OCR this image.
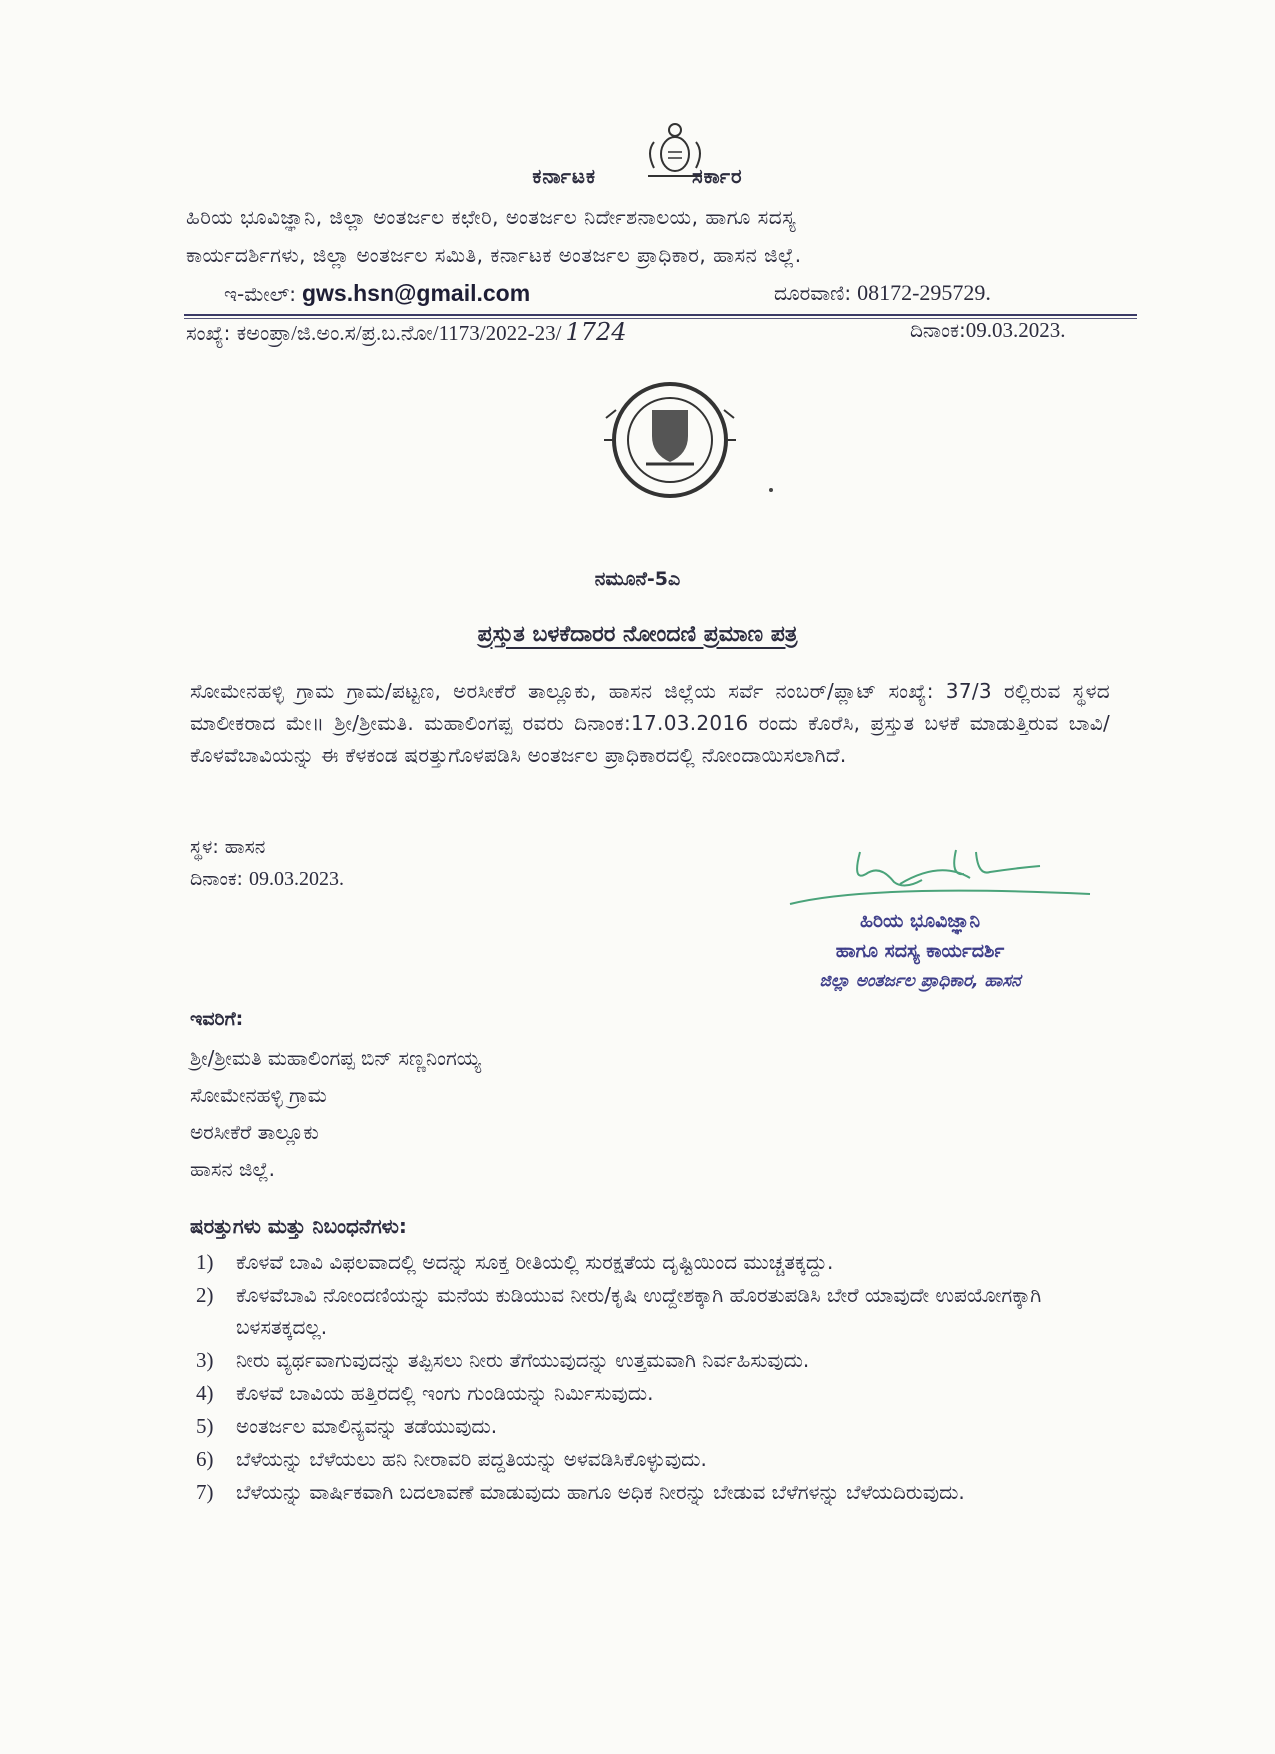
ಕರ್ನಾಟಕ	ಸರ್ಕಾರ
ಹಿರಿಯ ಭೂವಿಜ್ಞಾನಿ, ಜಿಲ್ಲಾ ಅಂತರ್ಜಲ ಕಛೇರಿ, ಅಂತರ್ಜಲ ನಿರ್ದೇಶನಾಲಯ, ಹಾಗೂ ಸದಸ್ಯ
ಕಾರ್ಯದರ್ಶಿಗಳು, ಜಿಲ್ಲಾ ಅಂತರ್ಜಲ ಸಮಿತಿ, ಕರ್ನಾಟಕ ಅಂತರ್ಜಲ ಪ್ರಾಧಿಕಾರ, ಹಾಸನ ಜಿಲ್ಲೆ.
ಇ-ಮೇಲ್: gws.hsn@gmail.com	ದೂರವಾಣಿ: 08172-295729.
ಸಂಖ್ಯೆ: ಕಅಂಪ್ರಾ/ಜಿ.ಅಂ.ಸ/ಪ್ರ.ಬ.ನೋ/1173/2022-23/ 1724	ದಿನಾಂಕ:09.03.2023.
ನಮೂನೆ-5ಎ
ಪ್ರಸ್ತುತ ಬಳಕೆದಾರರ ನೋಂದಣಿ ಪ್ರಮಾಣ ಪತ್ರ
ಸೋಮೇನಹಳ್ಳಿ ಗ್ರಾಮ ಗ್ರಾಮ/ಪಟ್ಟಣ, ಅರಸೀಕೆರೆ ತಾಲ್ಲೂಕು, ಹಾಸನ ಜಿಲ್ಲೆಯ ಸರ್ವೆ ನಂಬರ್/ಪ್ಲಾಟ್ ಸಂಖ್ಯೆ: 37/3 ರಲ್ಲಿರುವ ಸ್ಥಳದ ಮಾಲೀಕರಾದ ಮೇ॥ ಶ್ರೀ/ಶ್ರೀಮತಿ. ಮಹಾಲಿಂಗಪ್ಪ ರವರು ದಿನಾಂಕ:17.03.2016 ರಂದು ಕೊರೆಸಿ, ಪ್ರಸ್ತುತ ಬಳಕೆ ಮಾಡುತ್ತಿರುವ ಬಾವಿ/ಕೊಳವೆಬಾವಿಯನ್ನು ಈ ಕೆಳಕಂಡ ಷರತ್ತುಗೊಳಪಡಿಸಿ ಅಂತರ್ಜಲ ಪ್ರಾಧಿಕಾರದಲ್ಲಿ ನೋಂದಾಯಿಸಲಾಗಿದೆ.
ಸ್ಥಳ: ಹಾಸನ
ದಿನಾಂಕ: 09.03.2023.
ಹಿರಿಯ ಭೂವಿಜ್ಞಾನಿ
ಹಾಗೂ ಸದಸ್ಯ ಕಾರ್ಯದರ್ಶಿ
ಜಿಲ್ಲಾ ಅಂತರ್ಜಲ ಪ್ರಾಧಿಕಾರ, ಹಾಸನ
ಇವರಿಗೆ:
ಶ್ರೀ/ಶ್ರೀಮತಿ ಮಹಾಲಿಂಗಪ್ಪ ಬಿನ್ ಸಣ್ಣನಿಂಗಯ್ಯ
ಸೋಮೇನಹಳ್ಳಿ ಗ್ರಾಮ
ಅರಸೀಕೆರೆ ತಾಲ್ಲೂಕು
ಹಾಸನ ಜಿಲ್ಲೆ.
ಷರತ್ತುಗಳು ಮತ್ತು ನಿಬಂಧನೆಗಳು:
1)	ಕೊಳವೆ ಬಾವಿ ವಿಫಲವಾದಲ್ಲಿ ಅದನ್ನು ಸೂಕ್ತ ರೀತಿಯಲ್ಲಿ ಸುರಕ್ಷತೆಯ ದೃಷ್ಟಿಯಿಂದ ಮುಚ್ಚತಕ್ಕದ್ದು.
2)	ಕೊಳವೆಬಾವಿ ನೋಂದಣಿಯನ್ನು ಮನೆಯ ಕುಡಿಯುವ ನೀರು/ಕೃಷಿ ಉದ್ದೇಶಕ್ಕಾಗಿ ಹೊರತುಪಡಿಸಿ ಬೇರೆ ಯಾವುದೇ ಉಪಯೋಗಕ್ಕಾಗಿ ಬಳಸತಕ್ಕದಲ್ಲ.
3)	ನೀರು ವ್ಯರ್ಥವಾಗುವುದನ್ನು ತಪ್ಪಿಸಲು ನೀರು ತೆಗೆಯುವುದನ್ನು ಉತ್ತಮವಾಗಿ ನಿರ್ವಹಿಸುವುದು.
4)	ಕೊಳವೆ ಬಾವಿಯ ಹತ್ತಿರದಲ್ಲಿ ಇಂಗು ಗುಂಡಿಯನ್ನು ನಿರ್ಮಿಸುವುದು.
5)	ಅಂತರ್ಜಲ ಮಾಲಿನ್ಯವನ್ನು ತಡೆಯುವುದು.
6)	ಬೆಳೆಯನ್ನು ಬೆಳೆಯಲು ಹನಿ ನೀರಾವರಿ ಪದ್ದತಿಯನ್ನು ಅಳವಡಿಸಿಕೊಳ್ಳುವುದು.
7)	ಬೆಳೆಯನ್ನು ವಾರ್ಷಿಕವಾಗಿ ಬದಲಾವಣೆ ಮಾಡುವುದು ಹಾಗೂ ಅಧಿಕ ನೀರನ್ನು ಬೇಡುವ ಬೆಳೆಗಳನ್ನು ಬೆಳೆಯದಿರುವುದು.
